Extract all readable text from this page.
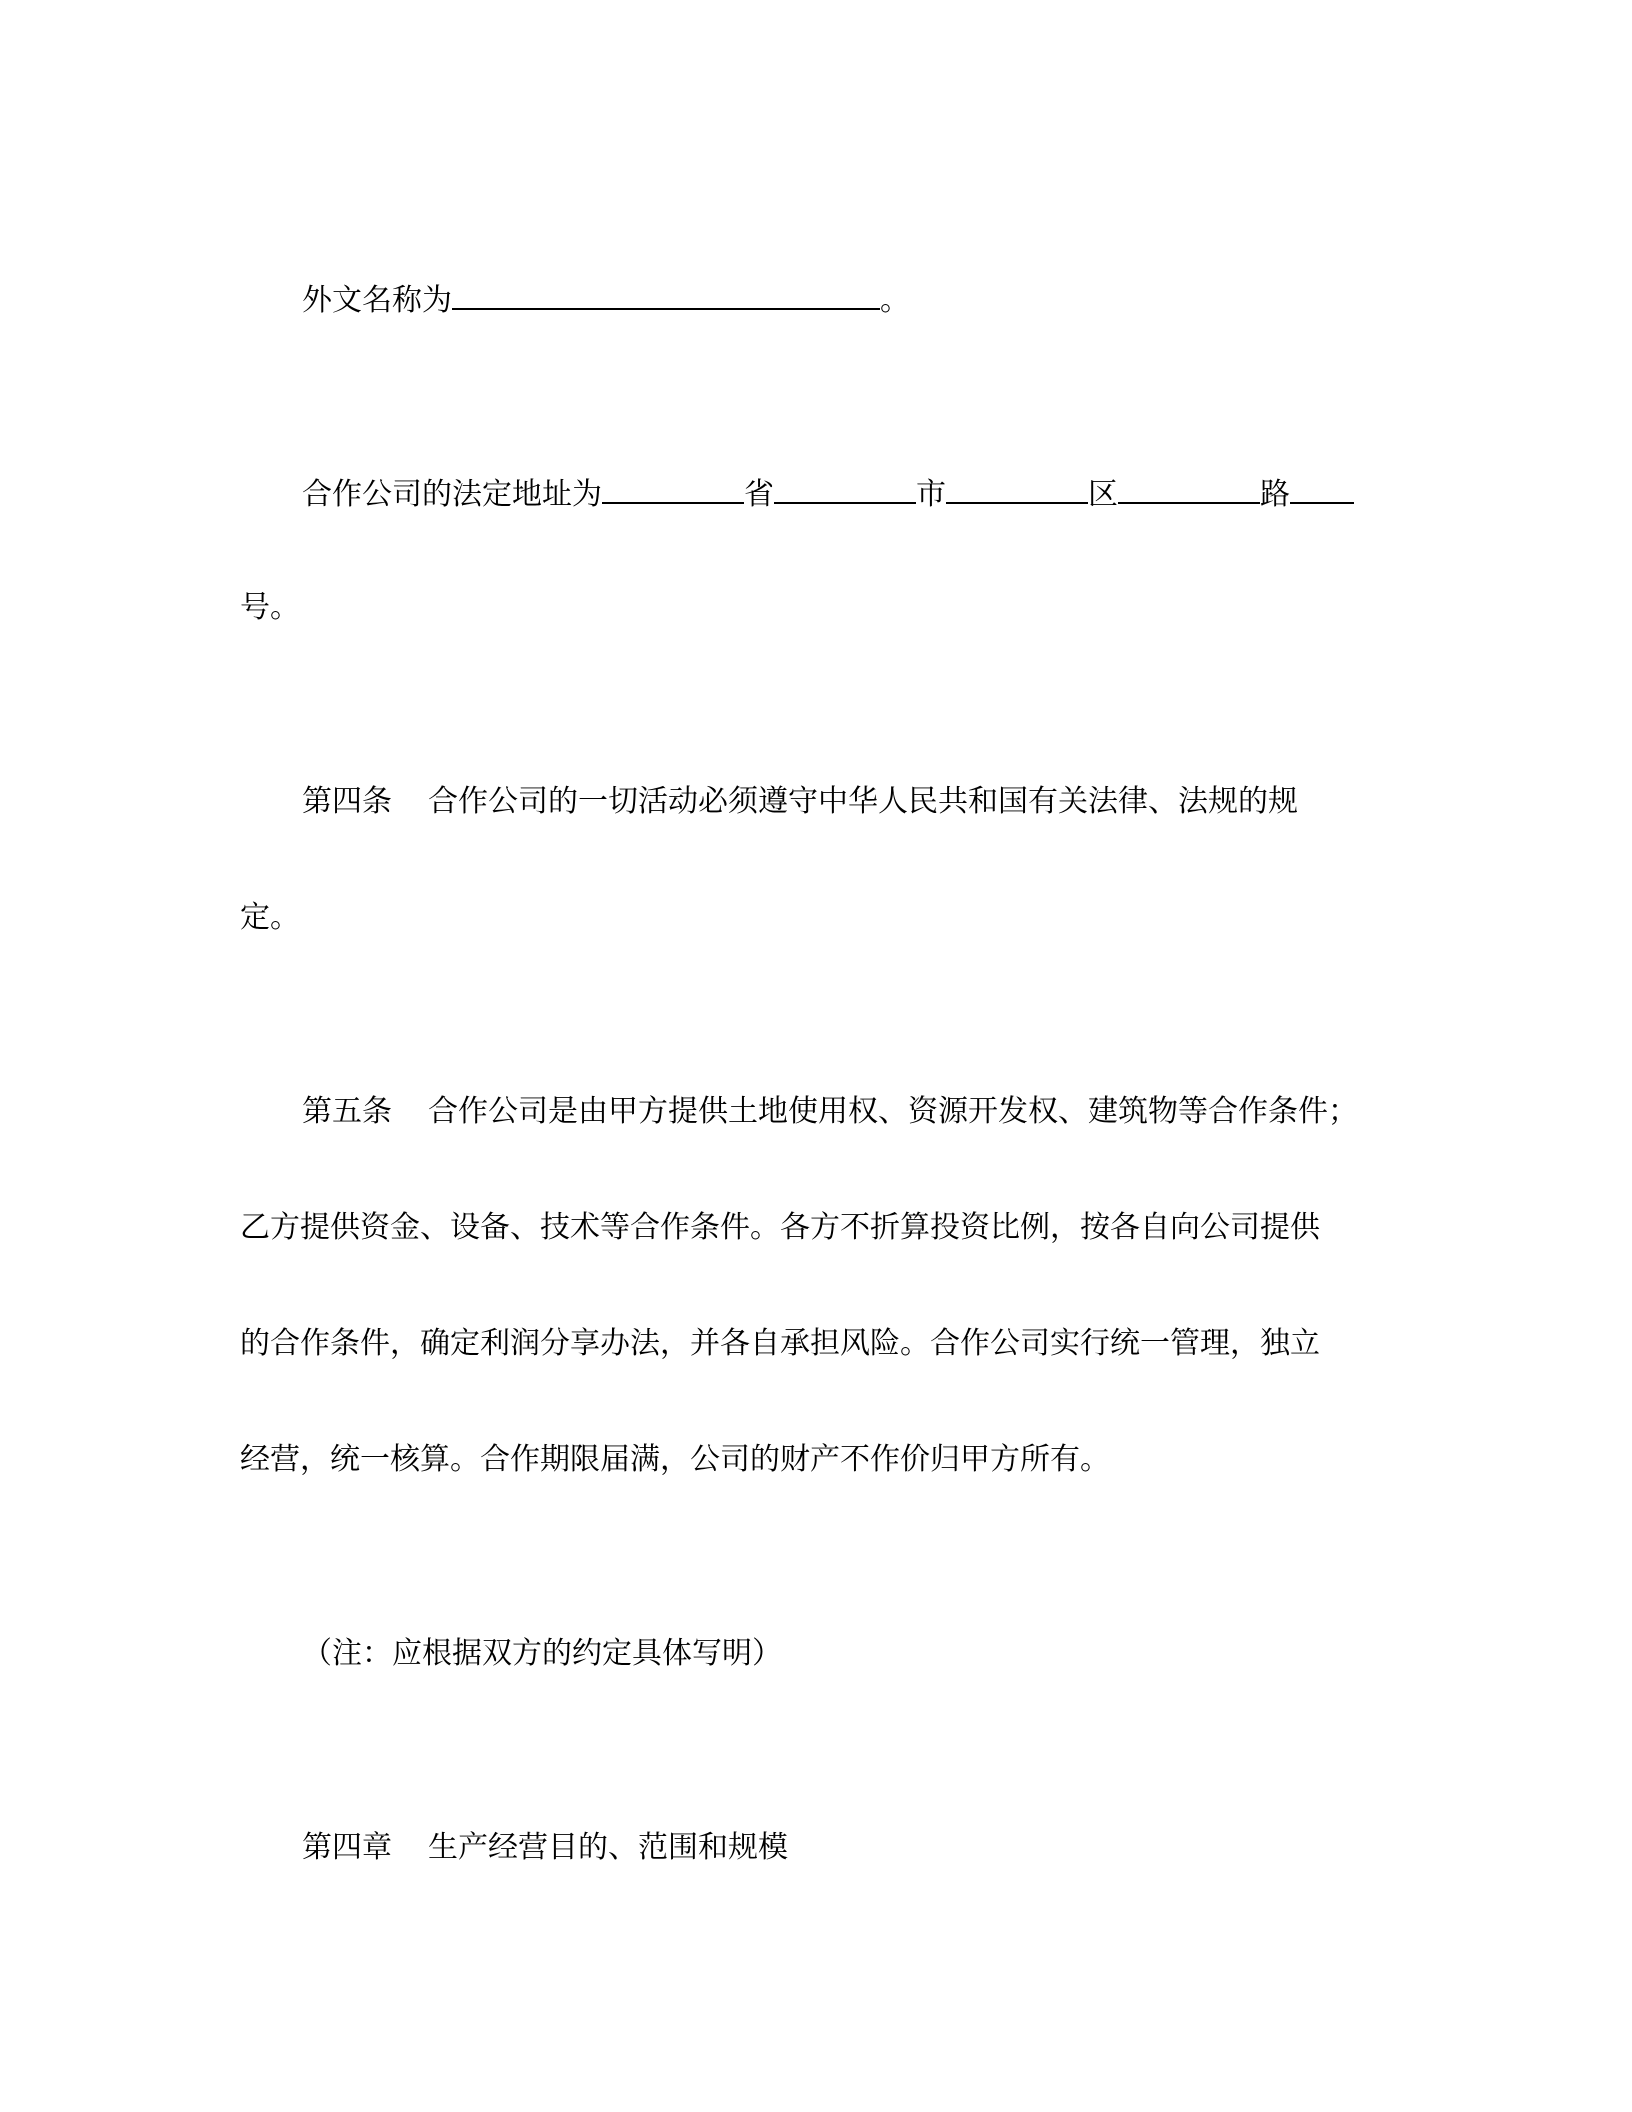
外文名称为	。
合作公司的法定地址为	省	市	区	路
号。
第四条 合作公司的一切活动必须遵守中华人民共和国有关法律、法规的规
定。
第五条 合作公司是由甲方提供土地使用权、资源开发权、建筑物等合作条件；
乙方提供资金、设备、技术等合作条件。各方不折算投资比例，按各自向公司提供
的合作条件，确定利润分享办法，并各自承担风险。合作公司实行统一管理，独立
经营，统一核算。合作期限届满，公司的财产不作价归甲方所有。
（注：应根据双方的约定具体写明）
第四章 生产经营目的、范围和规模
